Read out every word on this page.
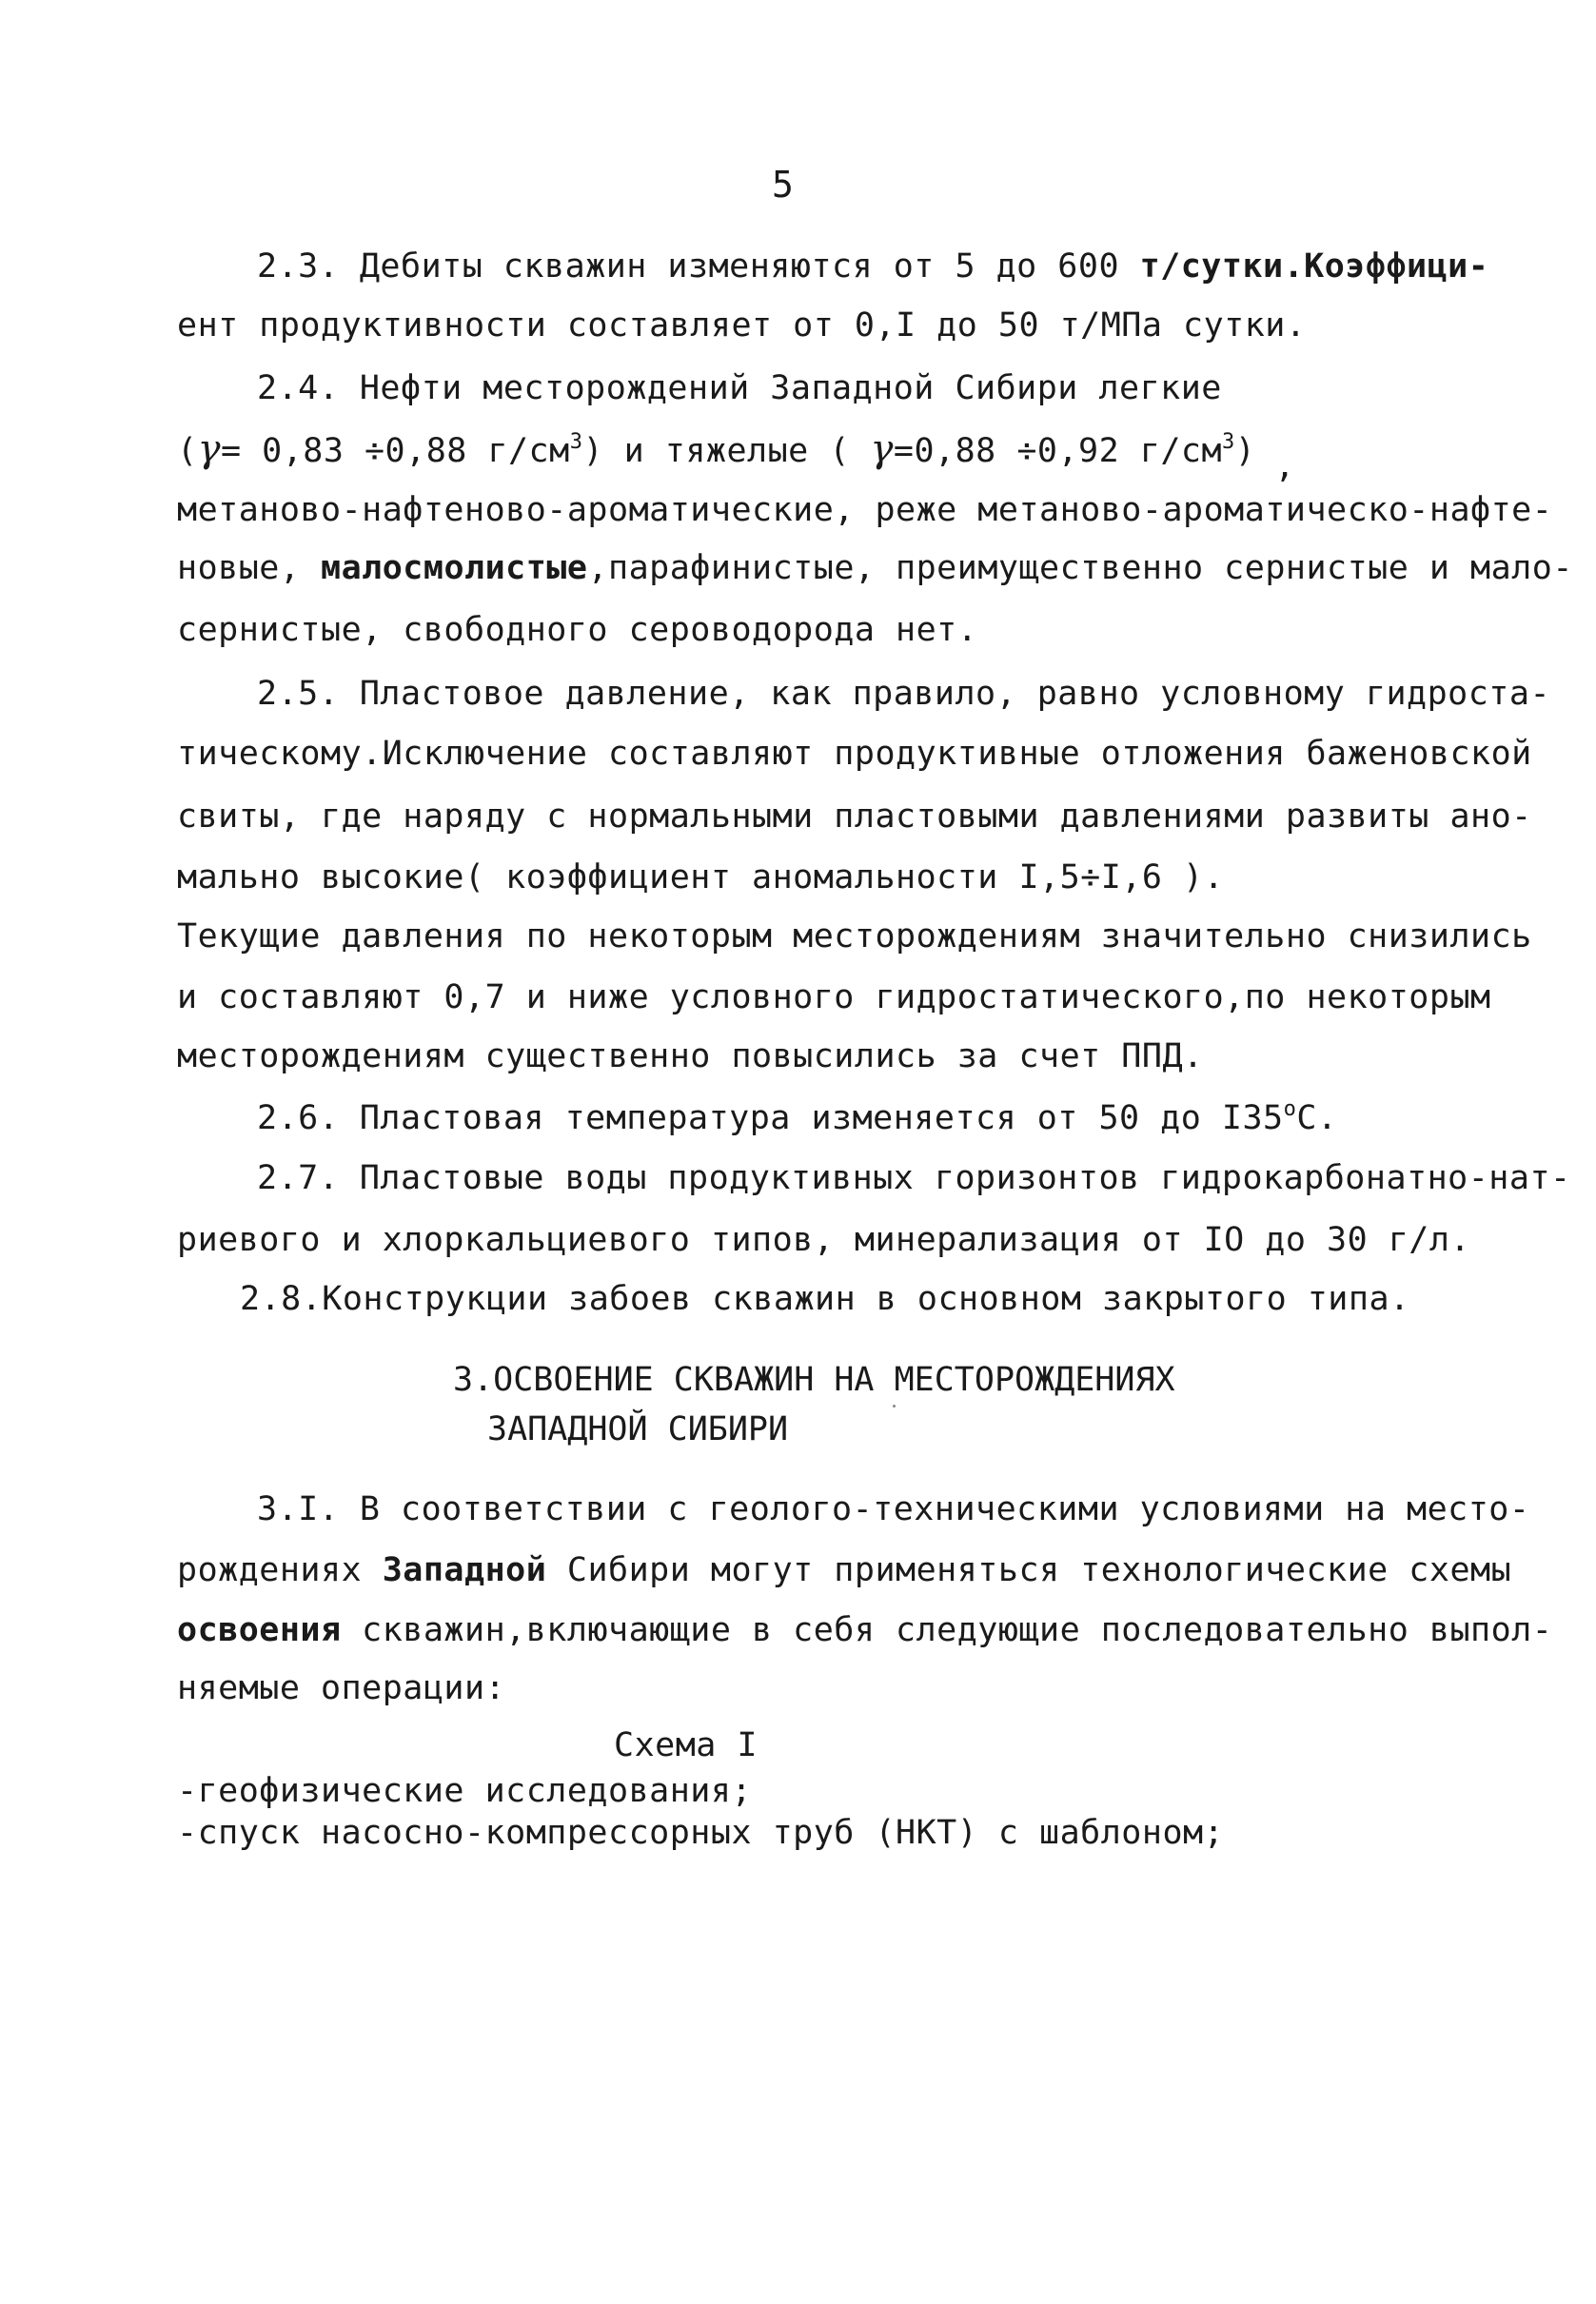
5
2.3. Дебиты скважин изменяются от 5 до 600 т/сутки.Коэффици-
ент продуктивности составляет от 0,I до 50 т/МПа сутки.
2.4. Нефти месторождений Западной Сибири легкие
(γ= 0,83 ÷0,88 $г/см^3$) и тяжелые ( γ=0,88 ÷0,92 $г/см^3$) ,
метаново-нафтеново-ароматические, реже метаново-ароматическо-нафте-
новые, малосмолистые,парафинистые, преимущественно сернистые и мало-
сернистые, свободного сероводорода нет.
2.5. Пластовое давление, как правило, равно условному гидроста-
тическому.Исключение составляют продуктивные отложения баженовской
свиты, где наряду с нормальными пластовыми давлениями развиты ано-
мально высокие( коэффициент аномальности I,5÷I,6 ).
Текущие давления по некоторым месторождениям значительно снизились
и составляют 0,7 и ниже условного гидростатического,по некоторым
месторождениям существенно повысились за счет ППД.
2.6. Пластовая температура изменяется от 50 до I35$^o$С.
2.7. Пластовые воды продуктивных горизонтов гидрокарбонатно-нат-
риевого и хлоркальциевого типов, минерализация от IO до 30 г/л.
2.8.Конструкции забоев скважин в основном закрытого типа.
3.ОСВОЕНИЕ СКВАЖИН НА МЕСТОРОЖДЕНИЯХ
ЗАПАДНОЙ СИБИРИ
3.I. В соответствии с геолого-техническими условиями на место-
рождениях Западной Сибири могут применяться технологические схемы
освоения скважин,включающие в себя следующие последовательно выпол-
няемые операции:
Схема I
-геофизические исследования;
-спуск насосно-компрессорных труб (НКТ) с шаблоном;
